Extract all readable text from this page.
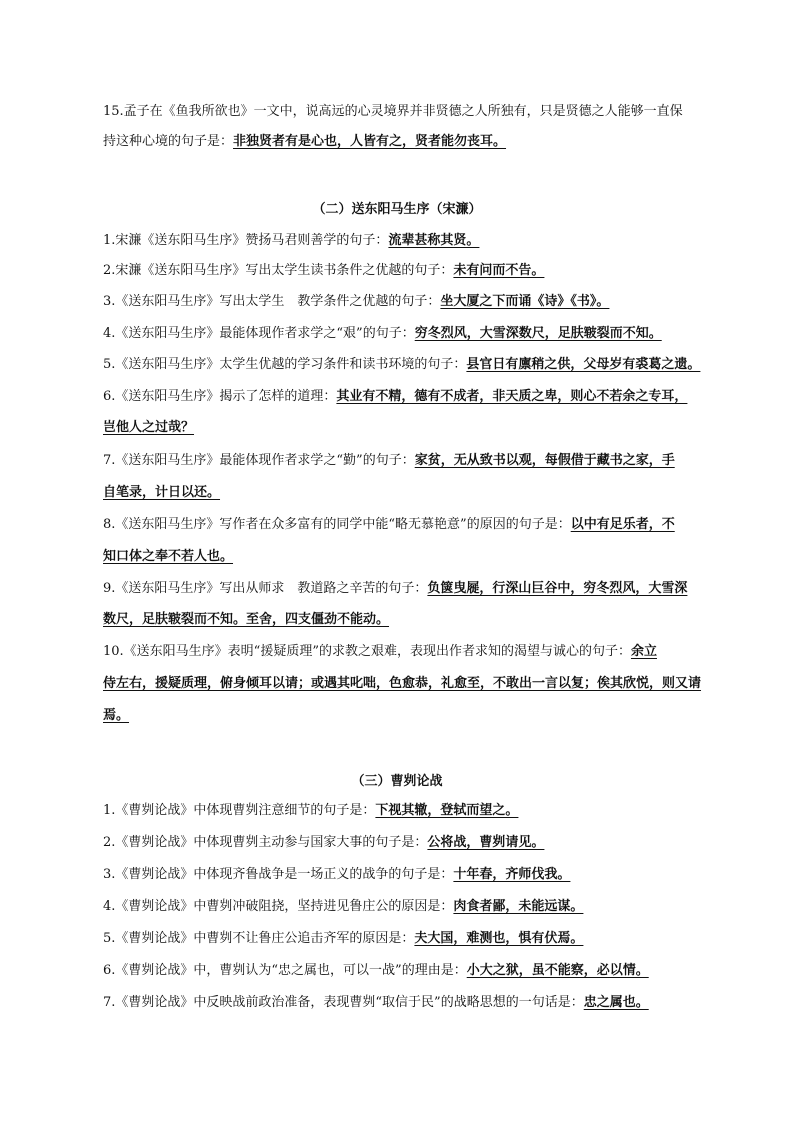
15.孟子在《鱼我所欲也》一文中，说高远的心灵境界并非贤德之人所独有，只是贤德之人能够一直保
持这种心境的句子是：非独贤者有是心也，人皆有之，贤者能勿丧耳。
（二）送东阳马生序（宋濂）
1.宋濂《送东阳马生序》赞扬马君则善学的句子：流辈甚称其贤。
2.宋濂《送东阳马生序》写出太学生读书条件之优越的句子：未有问而不告。
3.《送东阳马生序》写出太学生　教学条件之优越的句子：坐大厦之下而诵《诗》《书》。
4.《送东阳马生序》最能体现作者求学之“艰”的句子：穷冬烈风，大雪深数尺，足肤皲裂而不知。
5.《送东阳马生序》太学生优越的学习条件和读书环境的句子：县官日有廪稍之供，父母岁有裘葛之遗。
6.《送东阳马生序》揭示了怎样的道理：其业有不精，德有不成者，非天质之卑，则心不若余之专耳，
岂他人之过哉？
7.《送东阳马生序》最能体现作者求学之“勤”的句子：家贫，无从致书以观，每假借于藏书之家，手
自笔录，计日以还。
8.《送东阳马生序》写作者在众多富有的同学中能“略无慕艳意”的原因的句子是：以中有足乐者，不
知口体之奉不若人也。
9.《送东阳马生序》写出从师求　教道路之辛苦的句子：负箧曳屣，行深山巨谷中，穷冬烈风，大雪深
数尺，足肤皲裂而不知。至舍，四支僵劲不能动。
10.《送东阳马生序》表明“援疑质理”的求教之艰难，表现出作者求知的渴望与诚心的句子：余立
侍左右，援疑质理，俯身倾耳以请；或遇其叱咄，色愈恭，礼愈至，不敢出一言以复；俟其欣悦，则又请
焉。
（三）曹刿论战
1.《曹刿论战》中体现曹刿注意细节的句子是：下视其辙，登轼而望之。
2.《曹刿论战》中体现曹刿主动参与国家大事的句子是：公将战，曹刿请见。
3.《曹刿论战》中体现齐鲁战争是一场正义的战争的句子是：十年春，齐师伐我。
4.《曹刿论战》中曹刿冲破阻挠，坚持进见鲁庄公的原因是：肉食者鄙，未能远谋。
5.《曹刿论战》中曹刿不让鲁庄公追击齐军的原因是：夫大国，难测也，惧有伏焉。
6.《曹刿论战》中，曹刿认为“忠之属也，可以一战”的理由是：小大之狱，虽不能察，必以情。
7.《曹刿论战》中反映战前政治准备，表现曹刿“取信于民”的战略思想的一句话是：忠之属也。
